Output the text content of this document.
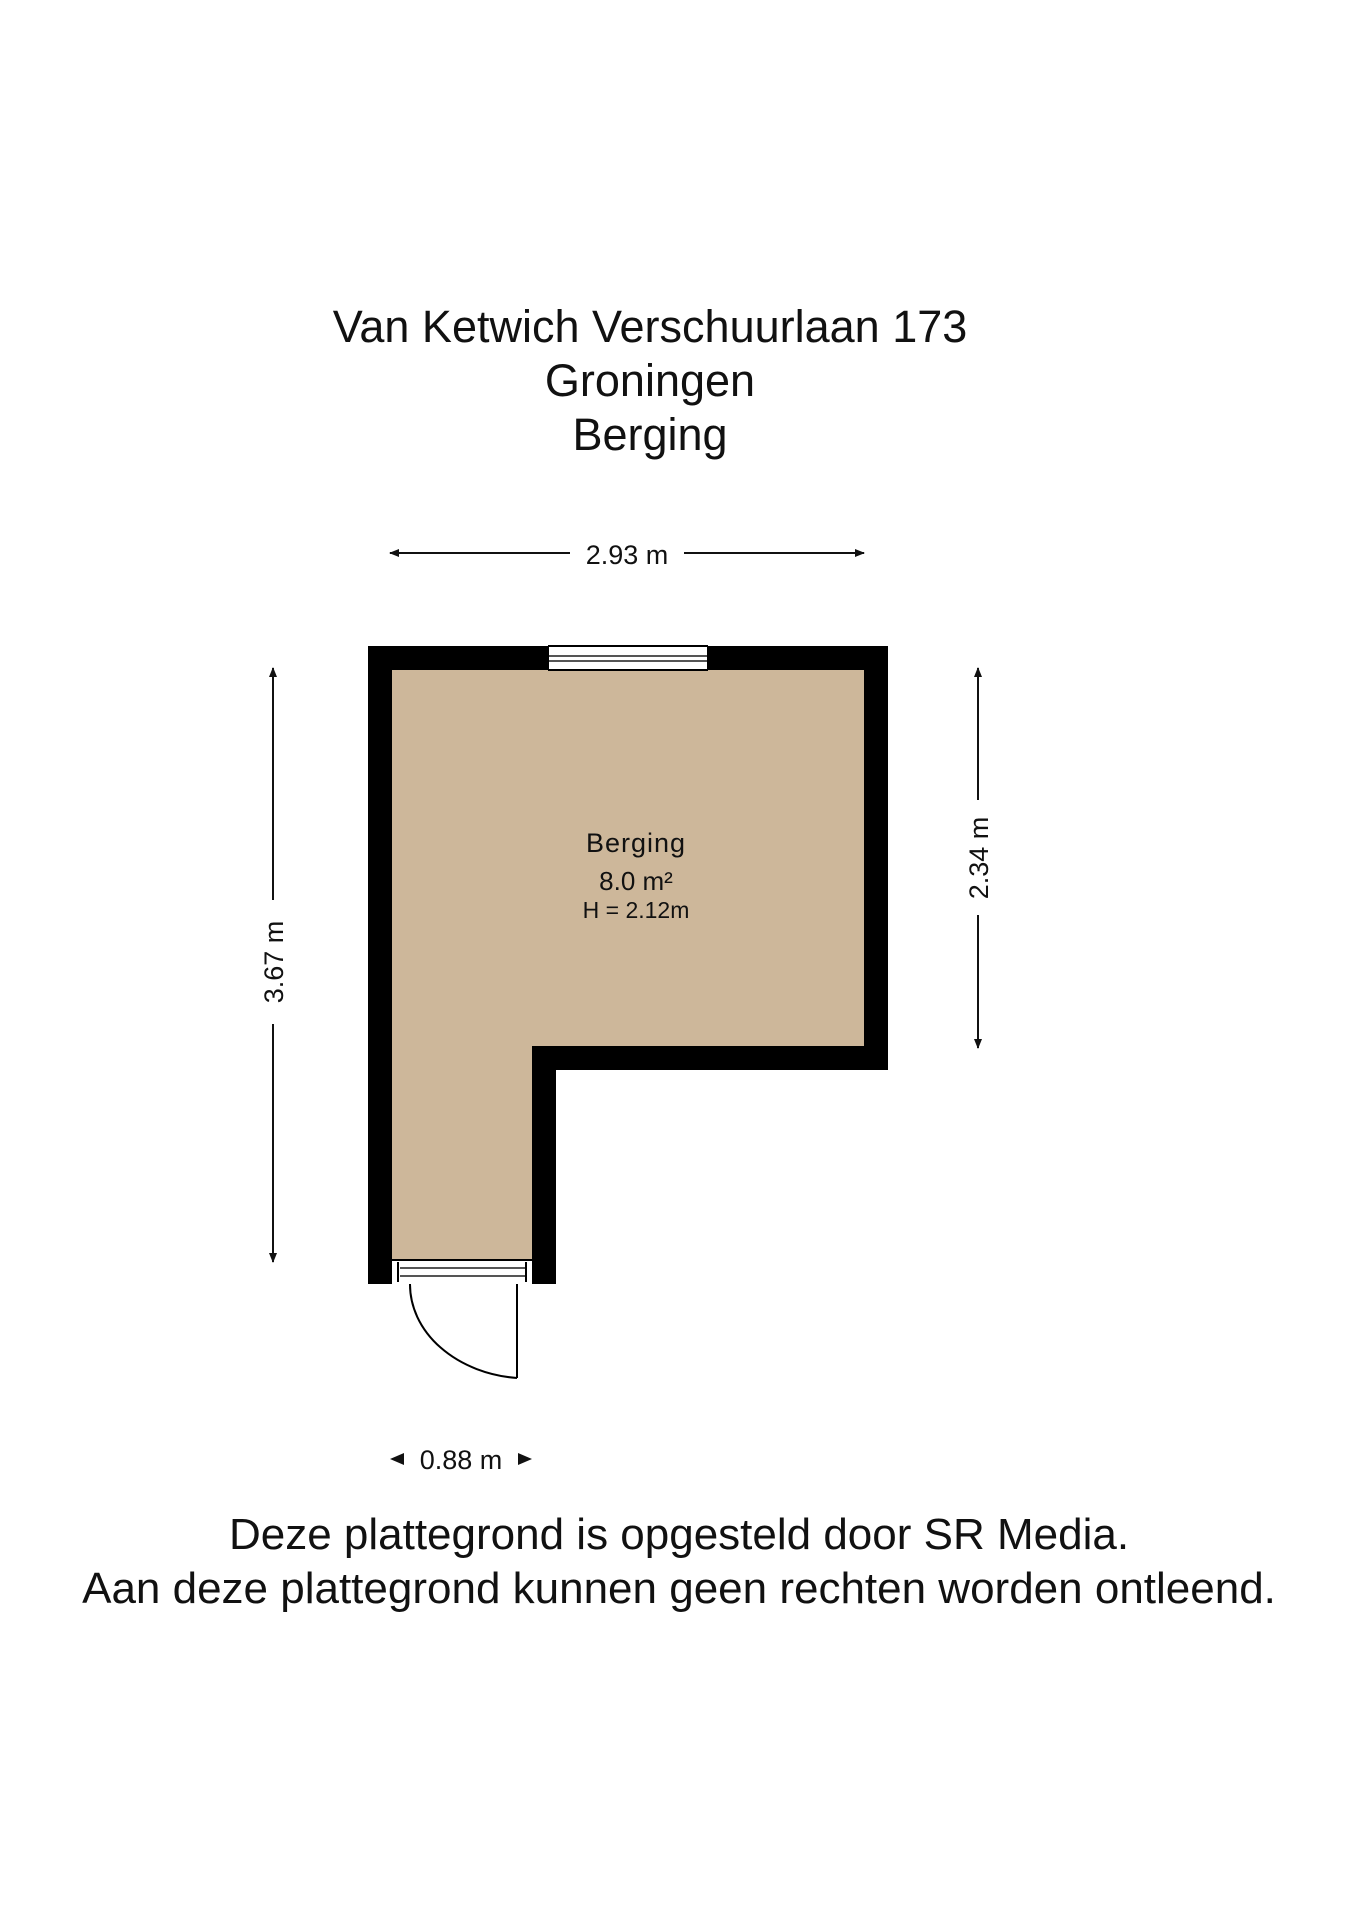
Van Ketwich Verschuurlaan 173
Groningen
Berging
2.93 m
3.67 m
2.34 m
0.88 m
Berging
8.0 m²
H = 2.12m
Deze plattegrond is opgesteld door SR Media.
Aan deze plattegrond kunnen geen rechten worden ontleend.
